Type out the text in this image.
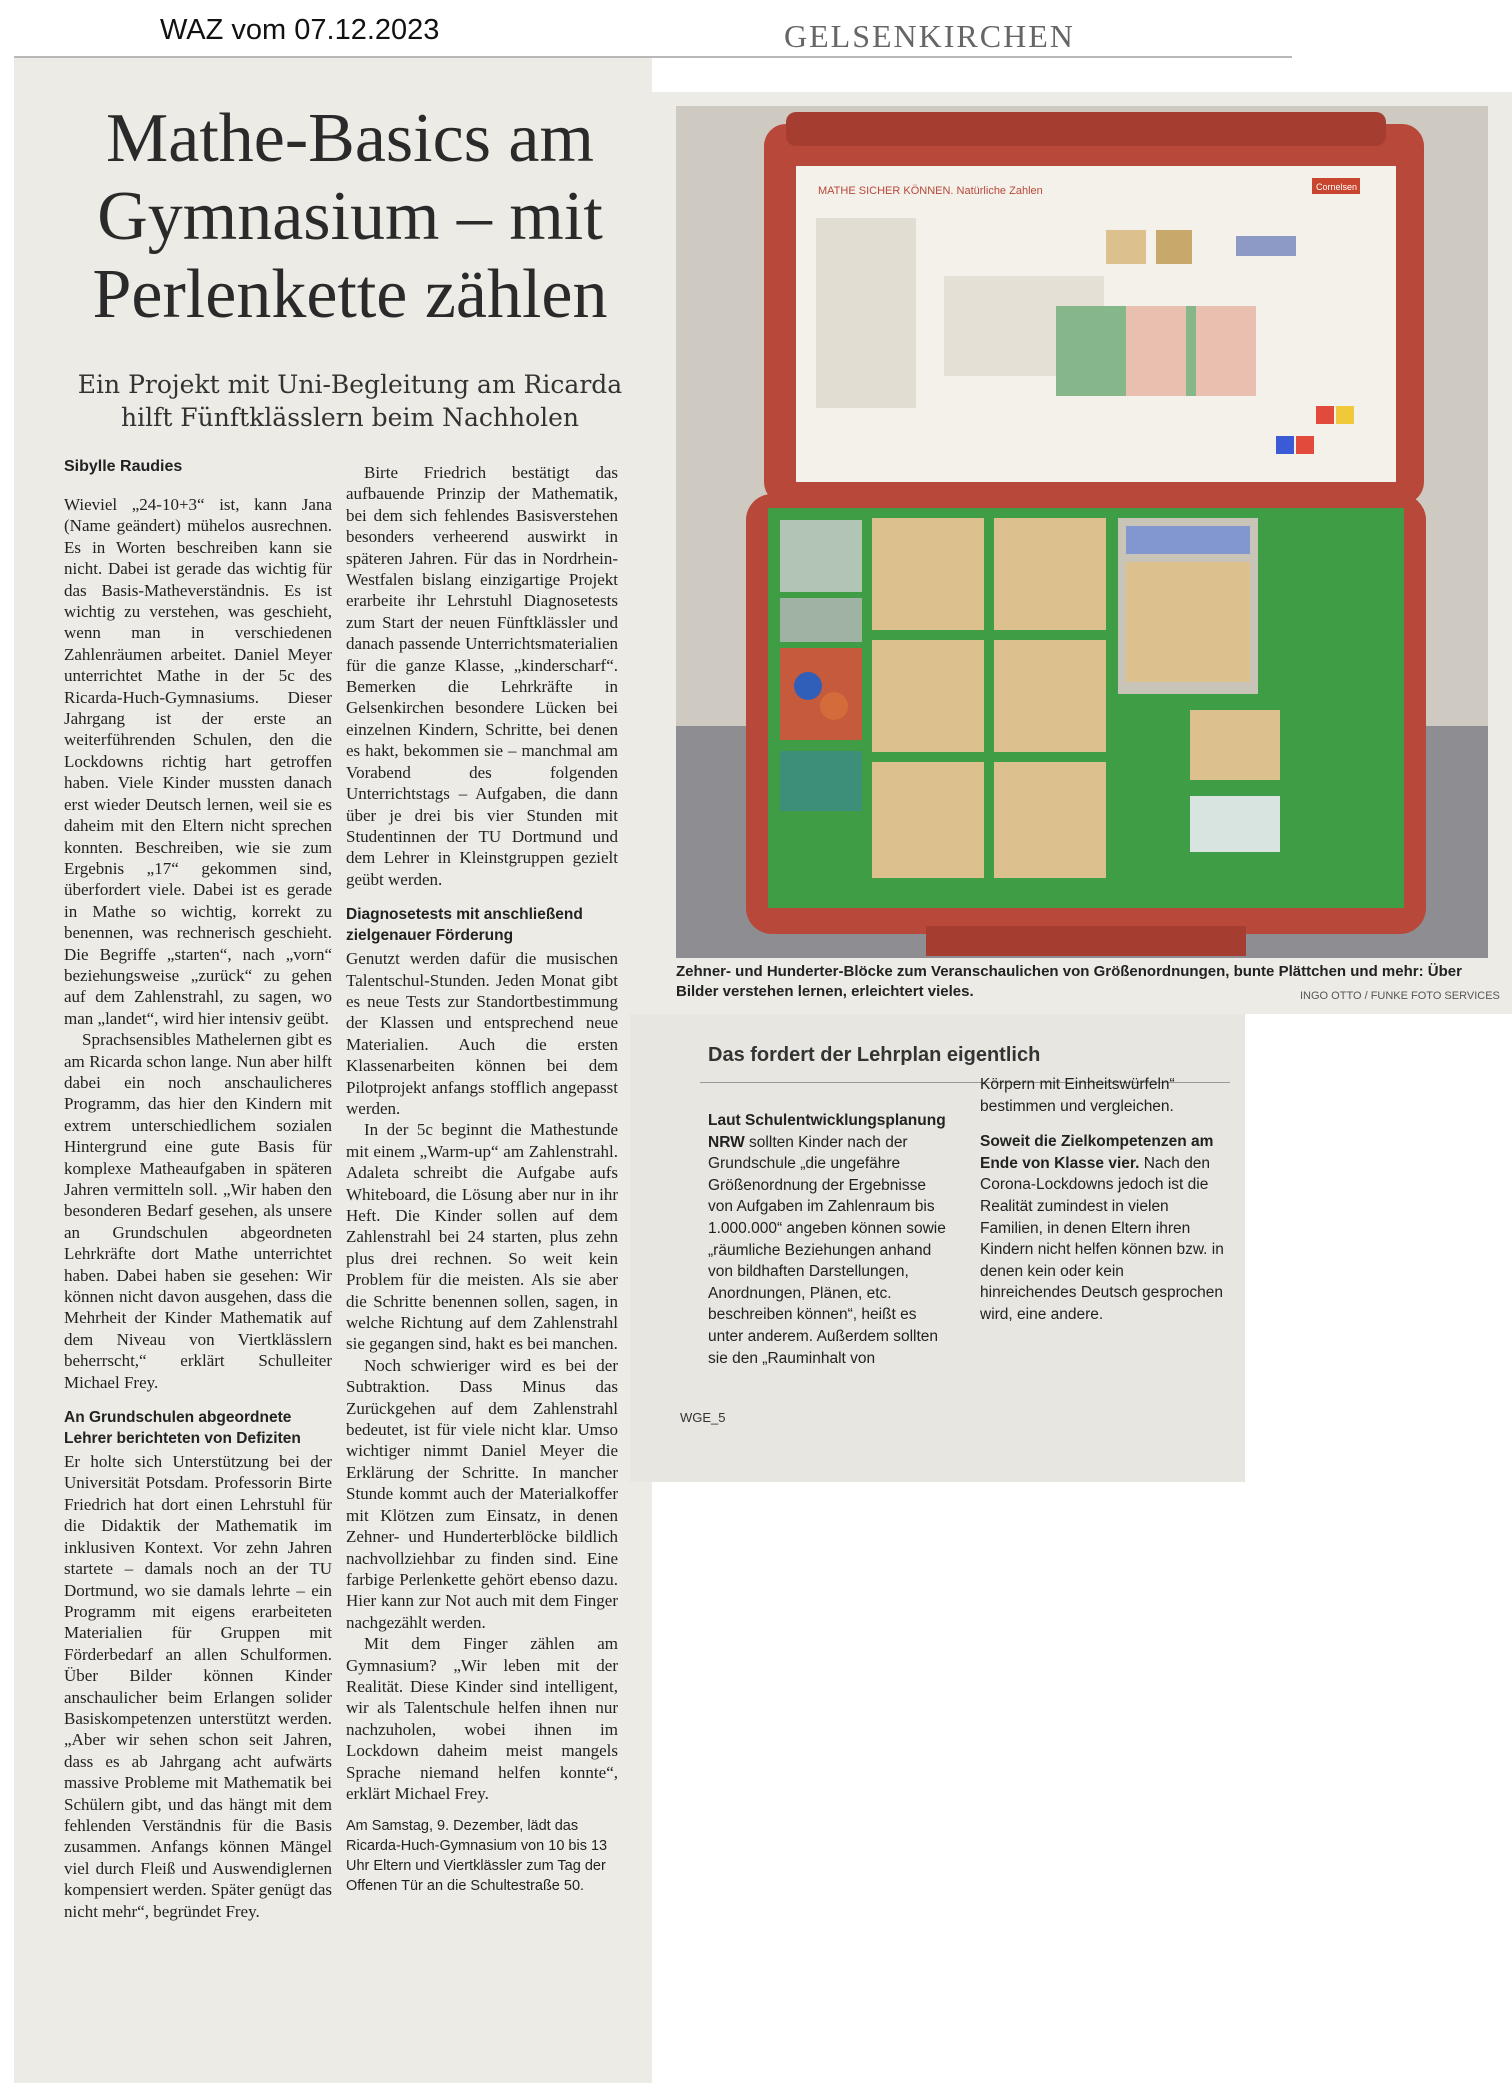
WAZ vom 07.12.2023	GELSENKIRCHEN
Mathe-Basics am Gymnasium – mit Perlenkette zählen
Ein Projekt mit Uni-Begleitung am Ricarda hilft Fünftklässlern beim Nachholen
Sibylle Raudies

Wieviel „24-10+3“ ist, kann Jana (Name geändert) mühelos ausrechnen. Es in Worten beschreiben kann sie nicht. Dabei ist gerade das wichtig für das Basis-Matheverständnis. Es ist wichtig zu verstehen, was geschieht, wenn man in verschiedenen Zahlenräumen arbeitet. Daniel Meyer unterrichtet Mathe in der 5c des Ricarda-Huch-Gymnasiums. Dieser Jahrgang ist der erste an weiterführenden Schulen, den die Lockdowns richtig hart getroffen haben. Viele Kinder mussten danach erst wieder Deutsch lernen, weil sie es daheim mit den Eltern nicht sprechen konnten. Beschreiben, wie sie zum Ergebnis „17“ gekommen sind, überfordert viele. Dabei ist es gerade in Mathe so wichtig, korrekt zu benennen, was rechnerisch geschieht. Die Begriffe „starten“, nach „vorn“ beziehungsweise „zurück“ zu gehen auf dem Zahlenstrahl, zu sagen, wo man „landet“, wird hier intensiv geübt.

Sprachsensibles Mathelernen gibt es am Ricarda schon lange. Nun aber hilft dabei ein noch anschaulicheres Programm, das hier den Kindern mit extrem unterschiedlichem sozialen Hintergrund eine gute Basis für komplexe Matheaufgaben in späteren Jahren vermitteln soll. „Wir haben den besonderen Bedarf gesehen, als unsere an Grundschulen abgeordneten Lehrkräfte dort Mathe unterrichtet haben. Dabei haben sie gesehen: Wir können nicht davon ausgehen, dass die Mehrheit der Kinder Mathematik auf dem Niveau von Viertklässlern beherrscht,“ erklärt Schulleiter Michael Frey.

An Grundschulen abgeordnete Lehrer berichteten von Defiziten

Er holte sich Unterstützung bei der Universität Potsdam. Professorin Birte Friedrich hat dort einen Lehrstuhl für die Didaktik der Mathematik im inklusiven Kontext. Vor zehn Jahren startete – damals noch an der TU Dortmund, wo sie damals lehrte – ein Programm mit eigens erarbeiteten Materialien für Gruppen mit Förderbedarf an allen Schulformen. Über Bilder können Kinder anschaulicher beim Erlangen solider Basiskompetenzen unterstützt werden. „Aber wir sehen schon seit Jahren, dass es ab Jahrgang acht aufwärts massive Probleme mit Mathematik bei Schülern gibt, und das hängt mit dem fehlenden Verständnis für die Basis zusammen. Anfangs können Mängel viel durch Fleiß und Auswendiglernen kompensiert werden. Später genügt das nicht mehr“, begründet Frey.

Birte Friedrich bestätigt das aufbauende Prinzip der Mathematik, bei dem sich fehlendes Basisverstehen besonders verheerend auswirkt in späteren Jahren. Für das in Nordrhein-Westfalen bislang einzigartige Projekt erarbeite ihr Lehrstuhl Diagnosetests zum Start der neuen Fünftklässler und danach passende Unterrichtsmaterialien für die ganze Klasse, „kinderscharf“. Bemerken die Lehrkräfte in Gelsenkirchen besondere Lücken bei einzelnen Kindern, Schritte, bei denen es hakt, bekommen sie – manchmal am Vorabend des folgenden Unterrichtstags – Aufgaben, die dann über je drei bis vier Stunden mit Studentinnen der TU Dortmund und dem Lehrer in Kleinstgruppen gezielt geübt werden.

Diagnosetests mit anschließend zielgenauer Förderung

Genutzt werden dafür die musischen Talentschul-Stunden. Jeden Monat gibt es neue Tests zur Standortbestimmung der Klassen und entsprechend neue Materialien. Auch die ersten Klassenarbeiten können bei dem Pilotprojekt anfangs stofflich angepasst werden.

In der 5c beginnt die Mathestunde mit einem „Warm-up“ am Zahlenstrahl. Adaleta schreibt die Aufgabe aufs Whiteboard, die Lösung aber nur in ihr Heft. Die Kinder sollen auf dem Zahlenstrahl bei 24 starten, plus zehn plus drei rechnen. So weit kein Problem für die meisten. Als sie aber die Schritte benennen sollen, sagen, in welche Richtung auf dem Zahlenstrahl sie gegangen sind, hakt es bei manchen.

Noch schwieriger wird es bei der Subtraktion. Dass Minus das Zurückgehen auf dem Zahlenstrahl bedeutet, ist für viele nicht klar. Umso wichtiger nimmt Daniel Meyer die Erklärung der Schritte. In mancher Stunde kommt auch der Materialkoffer mit Klötzen zum Einsatz, in denen Zehner- und Hunderterblöcke bildlich nachvollziehbar zu finden sind. Eine farbige Perlenkette gehört ebenso dazu. Hier kann zur Not auch mit dem Finger nachgezählt werden.

Mit dem Finger zählen am Gymnasium? „Wir leben mit der Realität. Diese Kinder sind intelligent, wir als Talentschule helfen ihnen nur nachzuholen, wobei ihnen im Lockdown daheim meist mangels Sprache niemand helfen konnte“, erklärt Michael Frey.

Am Samstag, 9. Dezember, lädt das Ricarda-Huch-Gymnasium von 10 bis 13 Uhr Eltern und Viertklässler zum Tag der Offenen Tür an die Schultestraße 50.

MATHE SICHER KÖNNEN. Natürliche Zahlen	Cornelsen
Zehner- und Hunderter-Blöcke zum Veranschaulichen von Größenordnungen, bunte Plättchen und mehr: Über Bilder verstehen lernen, erleichtert vieles.	INGO OTTO / FUNKE FOTO SERVICES
Das fordert der Lehrplan eigentlich
Laut Schulentwicklungsplanung NRW sollten Kinder nach der Grundschule „die ungefähre Größenordnung der Ergebnisse von Aufgaben im Zahlenraum bis 1.000.000“ angeben können sowie „räumliche Beziehungen anhand von bildhaften Darstellungen, Anordnungen, Plänen, etc. beschreiben können“, heißt es unter anderem. Außerdem sollten sie den „Rauminhalt von
Körpern mit Einheitswürfeln“ bestimmen und vergleichen.
Soweit die Zielkompetenzen am Ende von Klasse vier. Nach den Corona-Lockdowns jedoch ist die Realität zumindest in vielen Familien, in denen Eltern ihren Kindern nicht helfen können bzw. in denen kein oder kein hinreichendes Deutsch gesprochen wird, eine andere.
WGE_5
